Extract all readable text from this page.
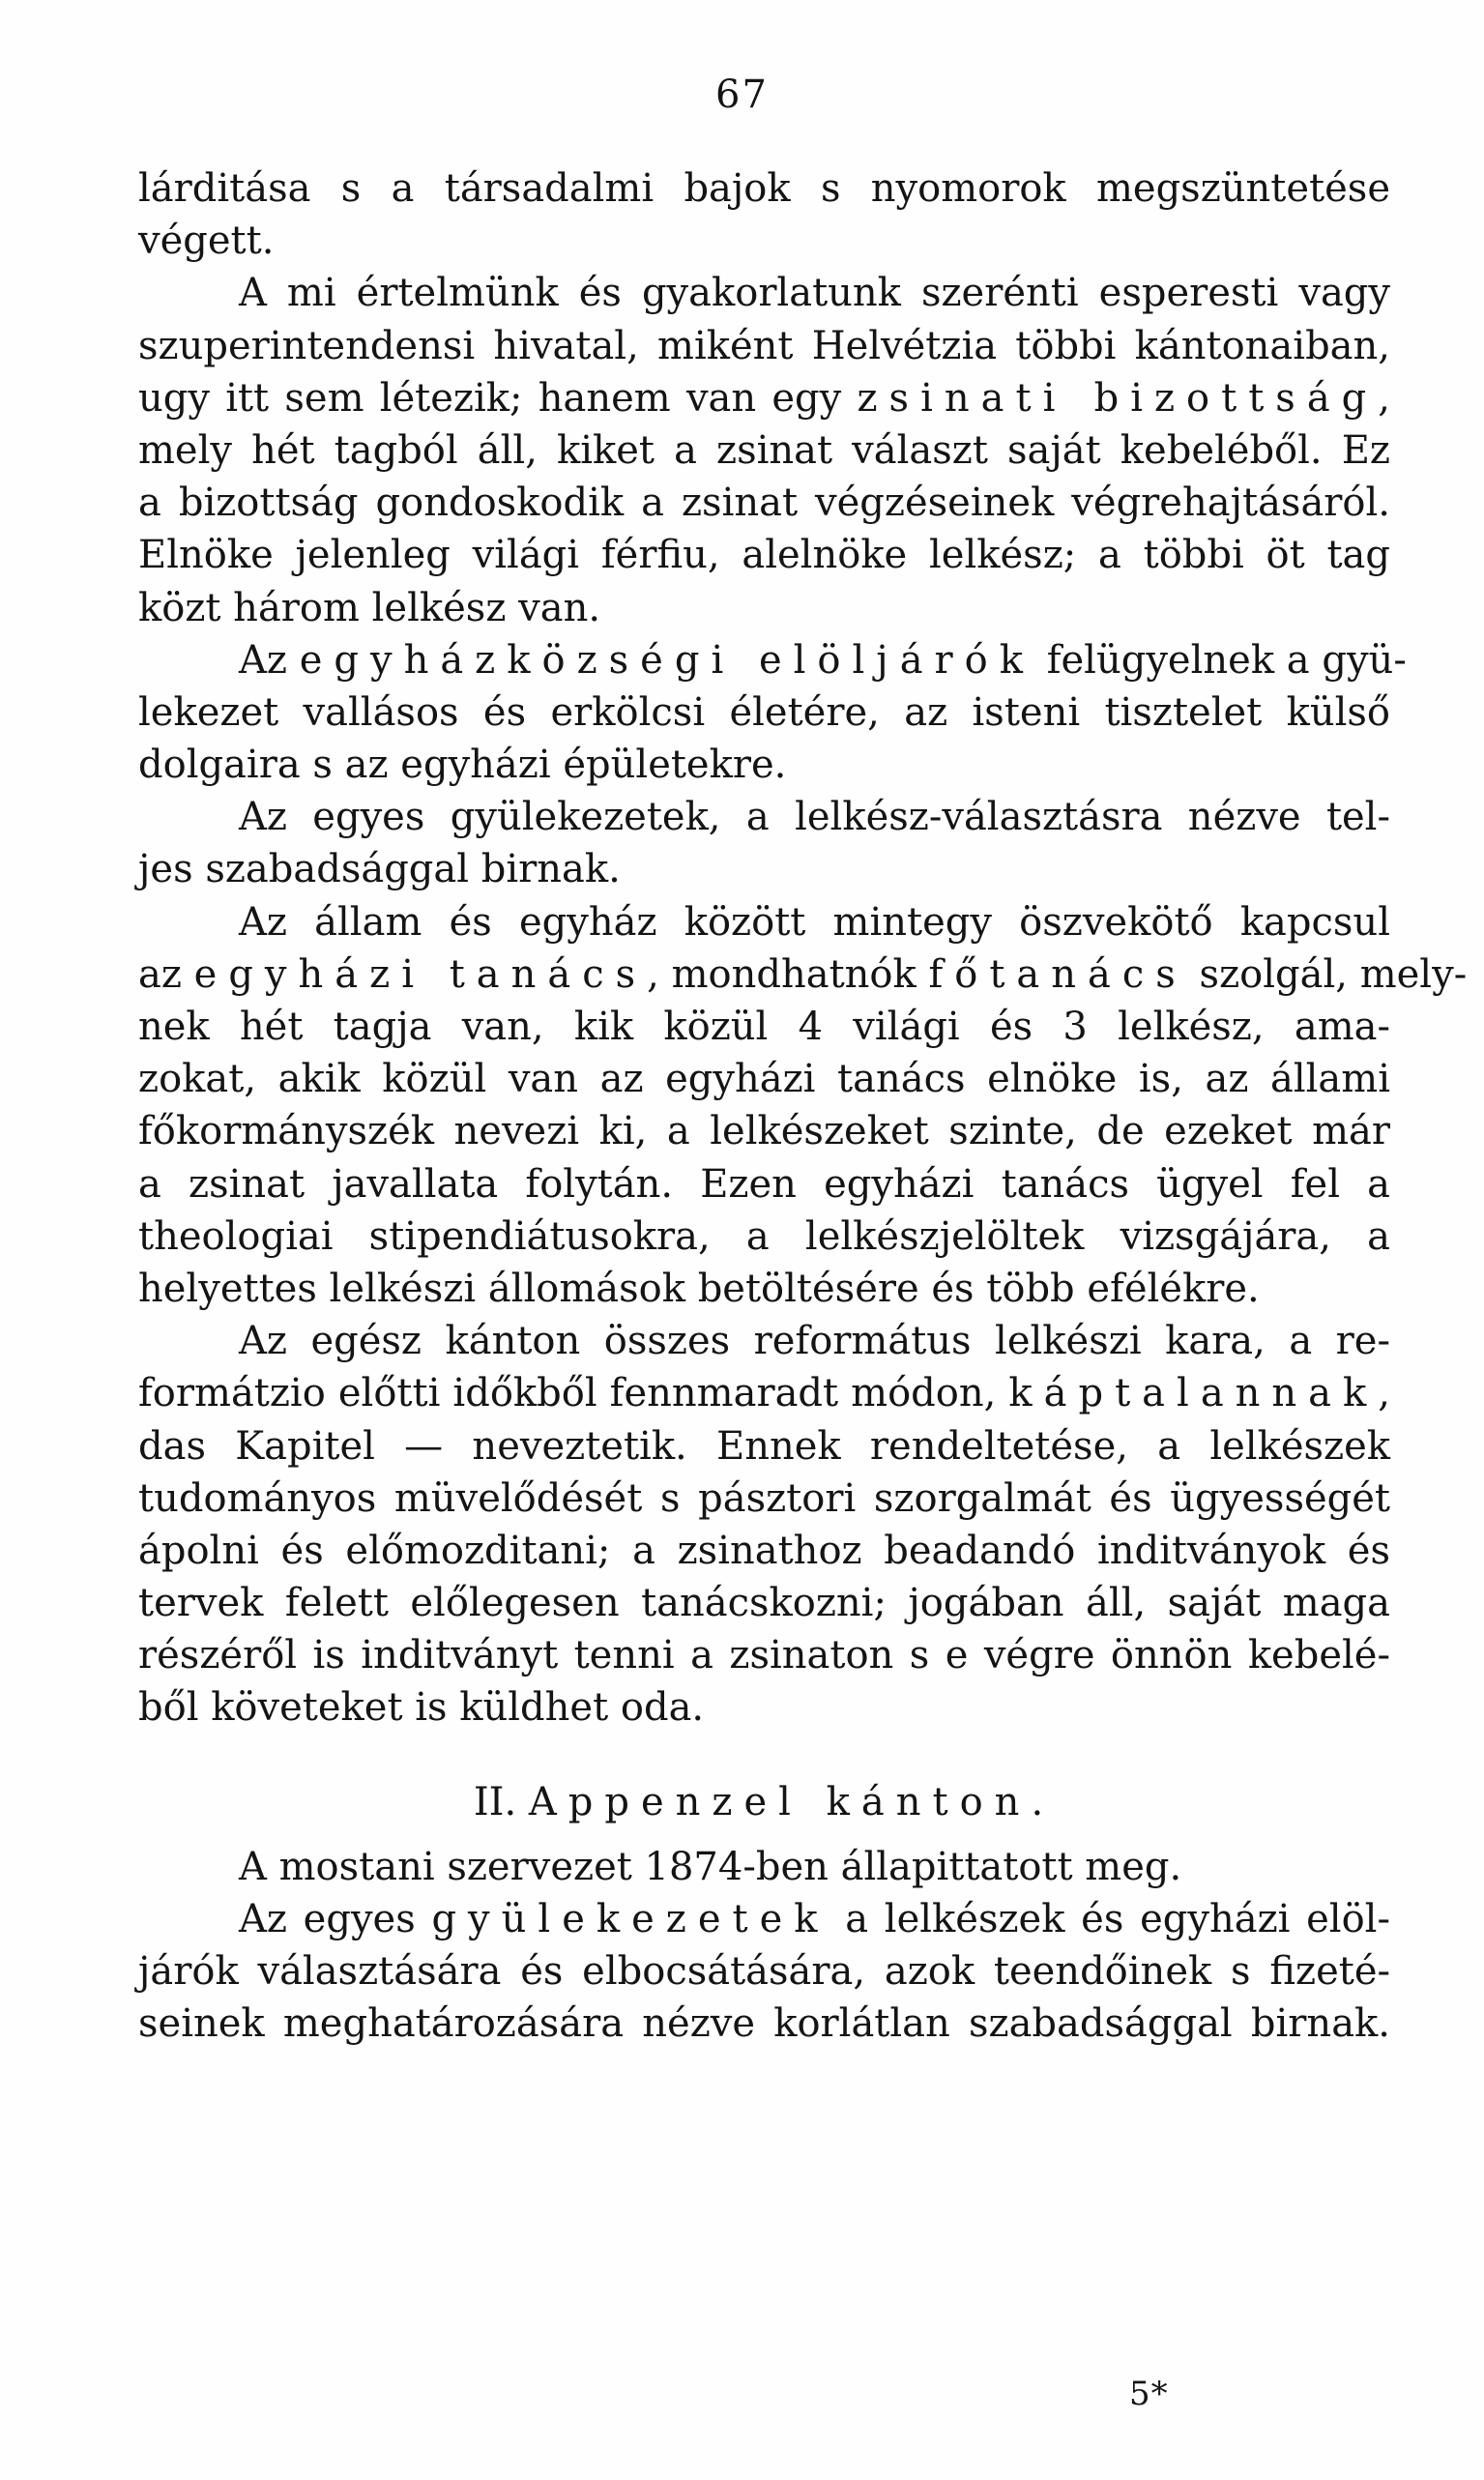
67
lárditása s a társadalmi bajok s nyomorok megszüntetése
végett.
A mi értelmünk és gyakorlatunk szerénti esperesti vagy
szuperintendensi hivatal, miként Helvétzia többi kántonaiban,
ugy itt sem létezik; hanem van egy zsinati bizottság,
mely hét tagból áll, kiket a zsinat választ saját kebeléből. Ez
a bizottság gondoskodik a zsinat végzéseinek végrehajtásáról.
Elnöke jelenleg világi férfiu, alelnöke lelkész; a többi öt tag
közt három lelkész van.
Az egyházközségi elöljárók felügyelnek a gyü-
lekezet vallásos és erkölcsi életére, az isteni tisztelet külső
dolgaira s az egyházi épületekre.
Az egyes gyülekezetek, a lelkész-választásra nézve tel-
jes szabadsággal birnak.
Az állam és egyház között mintegy öszvekötő kapcsul
az egyházi tanács, mondhatnók főtanács szolgál, mely-
nek hét tagja van, kik közül 4 világi és 3 lelkész, ama-
zokat, akik közül van az egyházi tanács elnöke is, az állami
főkormányszék nevezi ki, a lelkészeket szinte, de ezeket már
a zsinat javallata folytán. Ezen egyházi tanács ügyel fel a
theologiai stipendiátusokra, a lelkészjelöltek vizsgájára, a
helyettes lelkészi állomások betöltésére és több efélékre.
Az egész kánton összes református lelkészi kara, a re-
formátzio előtti időkből fennmaradt módon, káptalannak,
das Kapitel — neveztetik. Ennek rendeltetése, a lelkészek
tudományos müvelődését s pásztori szorgalmát és ügyességét
ápolni és előmozditani; a zsinathoz beadandó inditványok és
tervek felett előlegesen tanácskozni; jogában áll, saját maga
részéről is inditványt tenni a zsinaton s e végre önnön kebelé-
ből követeket is küldhet oda.
II. Appenzel kánton.
A mostani szervezet 1874-ben állapittatott meg.
Az egyes gyülekezetek a lelkészek és egyházi elöl-
járók választására és elbocsátására, azok teendőinek s fizeté-
seinek meghatározására nézve korlátlan szabadsággal birnak.
5*
